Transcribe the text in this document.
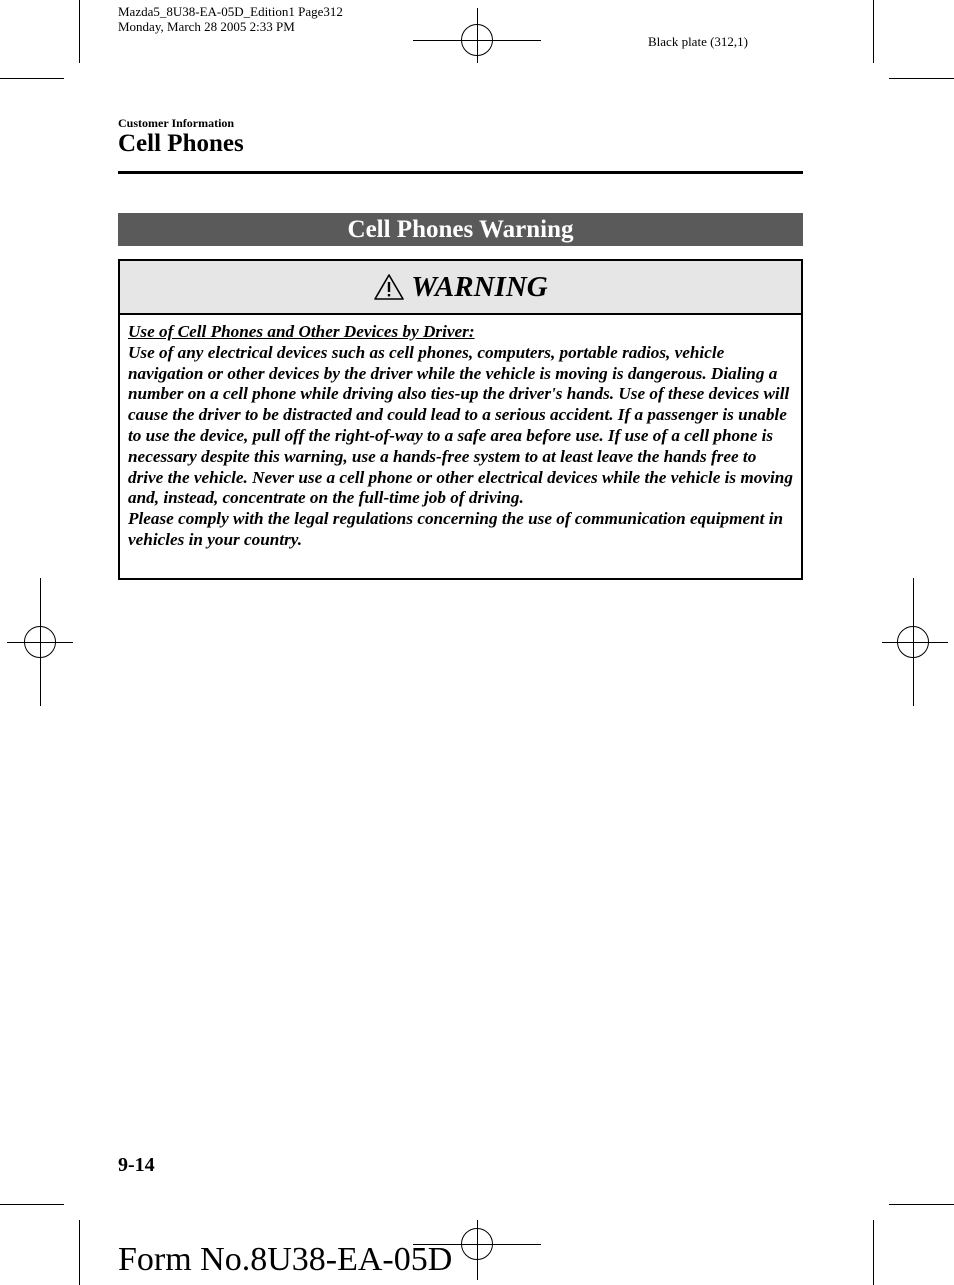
Mazda5_8U38-EA-05D_Edition1 Page312
Monday, March 28 2005 2:33 PM
Black plate (312,1)
Customer Information
Cell Phones
Cell Phones Warning
WARNING
Use of Cell Phones and Other Devices by Driver:

Use of any electrical devices such as cell phones, computers, portable radios, vehicle navigation or other devices by the driver while the vehicle is moving is dangerous. Dialing a number on a cell phone while driving also ties-up the driver's hands. Use of these devices will cause the driver to be distracted and could lead to a serious accident. If a passenger is unable to use the device, pull off the right-of-way to a safe area before use. If use of a cell phone is necessary despite this warning, use a hands-free system to at least leave the hands free to drive the vehicle. Never use a cell phone or other electrical devices while the vehicle is moving and, instead, concentrate on the full-time job of driving.

Please comply with the legal regulations concerning the use of communication equipment in vehicles in your country.

9-14
Form No.8U38-EA-05D
